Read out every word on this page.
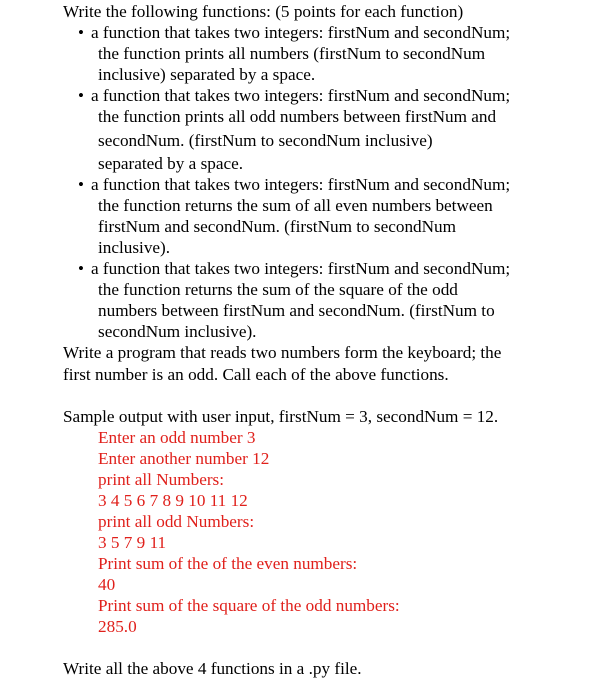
Write the following functions: (5 points for each function)
• a function that takes two integers: firstNum and secondNum;
the function prints all numbers (firstNum to secondNum
inclusive) separated by a space.
• a function that takes two integers: firstNum and secondNum;
the function prints all odd numbers between firstNum and
secondNum. (firstNum to secondNum inclusive)
separated by a space.
• a function that takes two integers: firstNum and secondNum;
the function returns the sum of all even numbers between
firstNum and secondNum. (firstNum to secondNum
inclusive).
• a function that takes two integers: firstNum and secondNum;
the function returns the sum of the square of the odd
numbers between firstNum and secondNum. (firstNum to
secondNum inclusive).
Write a program that reads two numbers form the keyboard; the
first number is an odd. Call each of the above functions.
Sample output with user input, firstNum = 3, secondNum = 12.
Enter an odd number 3
Enter another number 12
print all Numbers:
3 4 5 6 7 8 9 10 11 12
print all odd Numbers:
3 5 7 9 11
Print sum of the of the even numbers:
40
Print sum of the square of the odd numbers:
285.0
Write all the above 4 functions in a .py file.
